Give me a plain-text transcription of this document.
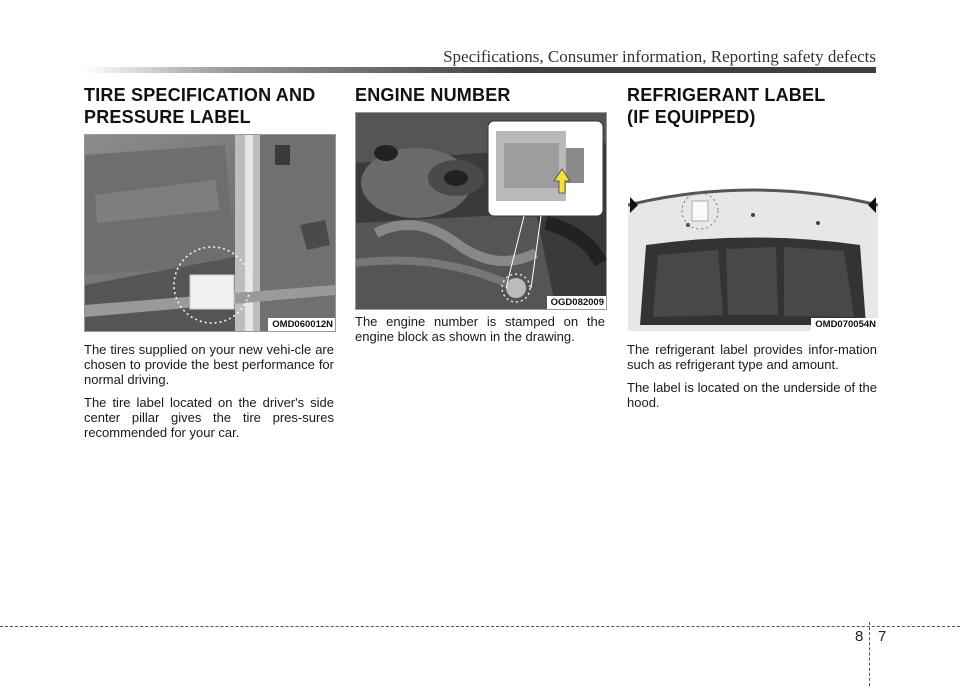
Specifications, Consumer information, Reporting safety defects
TIRE SPECIFICATION AND
PRESSURE LABEL
OMD060012N

The tires supplied on your new vehi-cle are chosen to provide the best performance for normal driving.

The tire label located on the driver's side center pillar gives the tire pres-sures recommended for your car.

ENGINE NUMBER
OGD082009

The engine number is stamped on the engine block as shown in the drawing.

REFRIGERANT LABEL
(IF EQUIPPED)
OMD070054N

The refrigerant label provides infor-mation such as refrigerant type and amount.

The label is located on the underside of the hood.

8 7
